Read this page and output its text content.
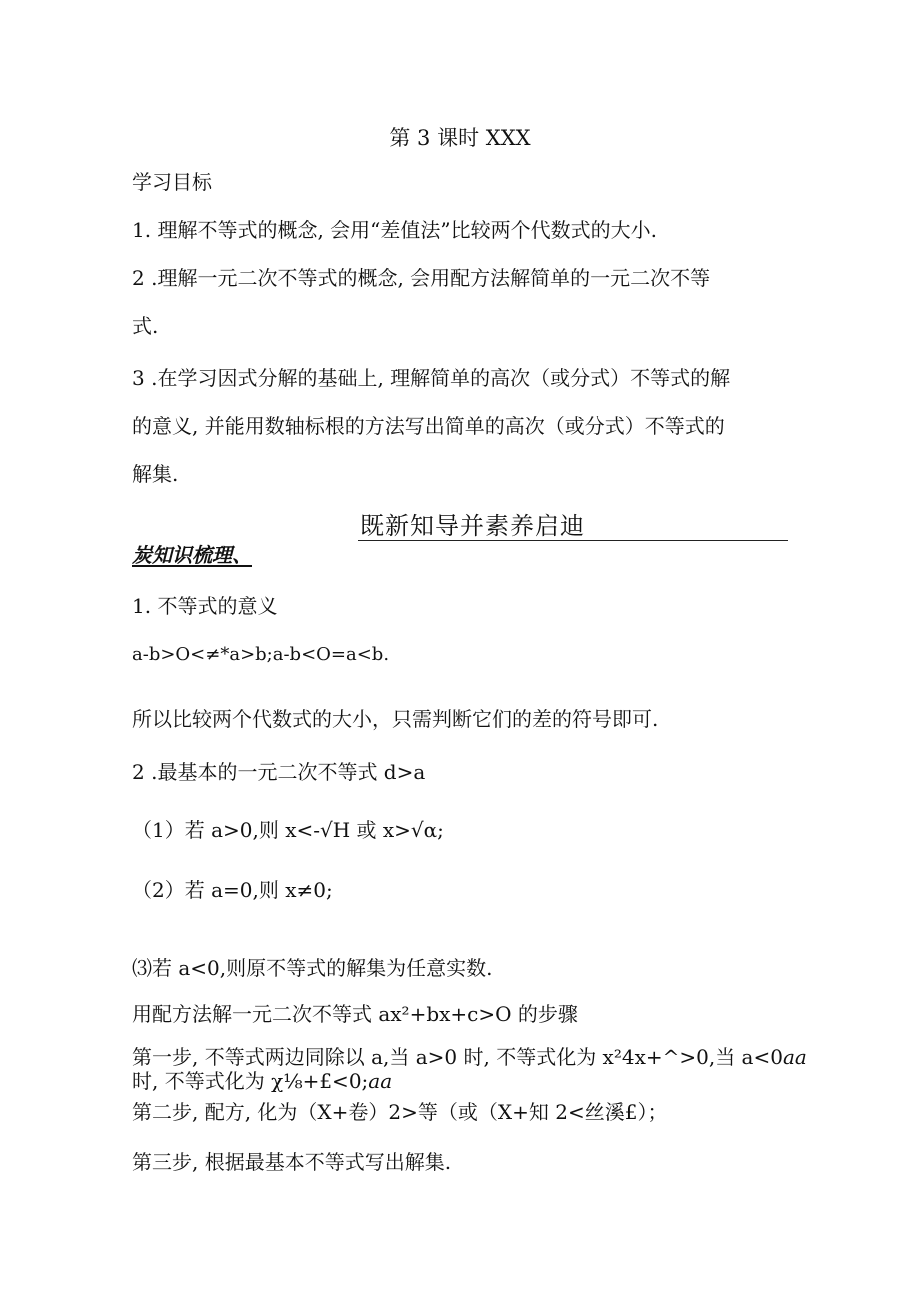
第 3 课时 XXX
学习目标
1. 理解不等式的概念, 会用“差值法”比较两个代数式的大小.
2 .理解一元二次不等式的概念, 会用配方法解简单的一元二次不等
式.
3 .在学习因式分解的基础上, 理解简单的高次（或分式）不等式的解
的意义, 并能用数轴标根的方法写出简单的高次（或分式）不等式的
解集.
既新知导并素养启迪
炭知识梳理、
1. 不等式的意义
a-b>O<≠*a>b;a-b<O=a<b.
所以比较两个代数式的大小，只需判断它们的差的符号即可.
2 .最基本的一元二次不等式 d>a
（1）若 a>0,则 x<-√H 或 x>√α;
（2）若 a=0,则 x≠0;
⑶若 a<0,则原不等式的解集为任意实数.
用配方法解一元二次不等式 ax²+bx+c>O 的步骤
第一步, 不等式两边同除以 a,当 a>0 时, 不等式化为 x²4x+^>0,当 a<0aa
时, 不等式化为 χ⅛+£<0;aa
第二步, 配方, 化为（X+卷）2>等（或（X+知 2<丝溪£）；
第三步, 根据最基本不等式写出解集.
